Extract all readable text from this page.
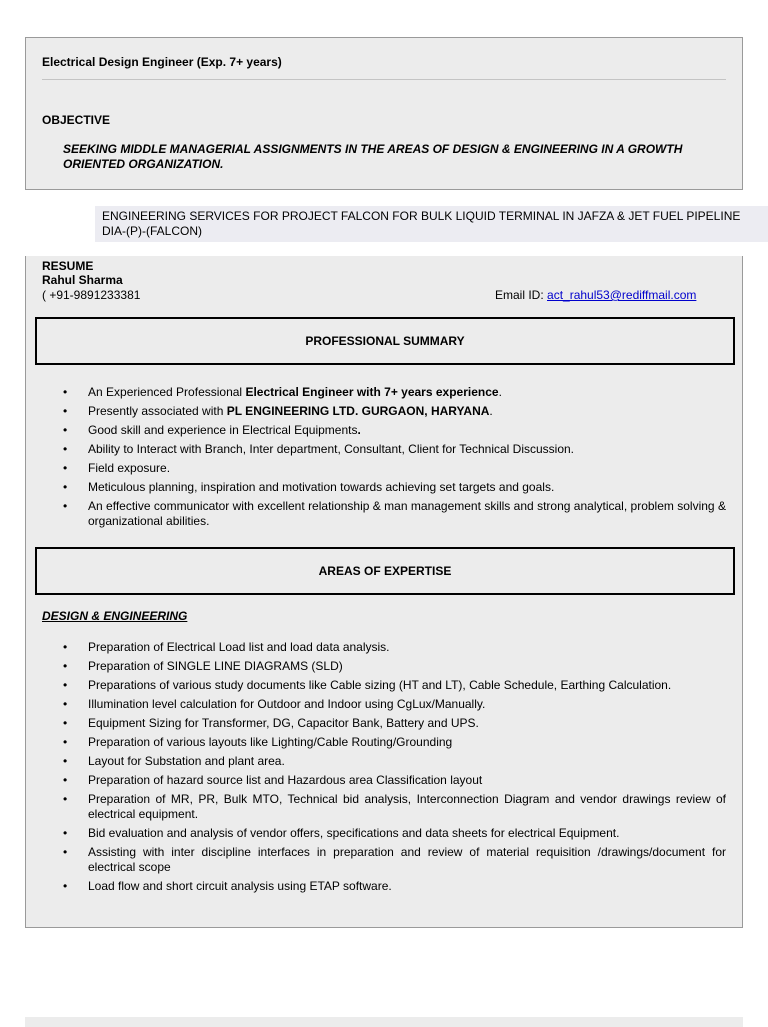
Electrical Design Engineer (Exp. 7+ years)
OBJECTIVE
SEEKING MIDDLE MANAGERIAL ASSIGNMENTS IN THE AREAS OF DESIGN & ENGINEERING IN A GROWTH ORIENTED ORGANIZATION.
ENGINEERING SERVICES FOR PROJECT FALCON FOR BULK LIQUID TERMINAL IN JAFZA & JET FUEL PIPELINE
DIA-(P)-(FALCON)
RESUME
Rahul Sharma
( +91-9891233381	Email ID: act_rahul53@rediffmail.com
PROFESSIONAL SUMMARY
• An Experienced Professional Electrical Engineer with 7+ years experience.
• Presently associated with PL ENGINEERING LTD. GURGAON, HARYANA.
• Good skill and experience in Electrical Equipments.
• Ability to Interact with Branch, Inter department, Consultant, Client for Technical Discussion.
• Field exposure.
• Meticulous planning, inspiration and motivation towards achieving set targets and goals.
• An effective communicator with excellent relationship & man management skills and strong analytical, problem solving & organizational abilities.
AREAS OF EXPERTISE
DESIGN & ENGINEERING
• Preparation of Electrical Load list and load data analysis.
• Preparation of SINGLE LINE DIAGRAMS (SLD)
• Preparations of various study documents like Cable sizing (HT and LT), Cable Schedule, Earthing Calculation.
• Illumination level calculation for Outdoor and Indoor using CgLux/Manually.
• Equipment Sizing for Transformer, DG, Capacitor Bank, Battery and UPS.
• Preparation of various layouts like Lighting/Cable Routing/Grounding
• Layout for Substation and plant area.
• Preparation of hazard source list and Hazardous area Classification layout
• Preparation of MR, PR, Bulk MTO, Technical bid analysis, Interconnection Diagram and vendor drawings review of electrical equipment.
• Bid evaluation and analysis of vendor offers, specifications and data sheets for electrical Equipment.
• Assisting with inter discipline interfaces in preparation and review of material requisition /drawings/document for electrical scope
• Load flow and short circuit analysis using ETAP software.
